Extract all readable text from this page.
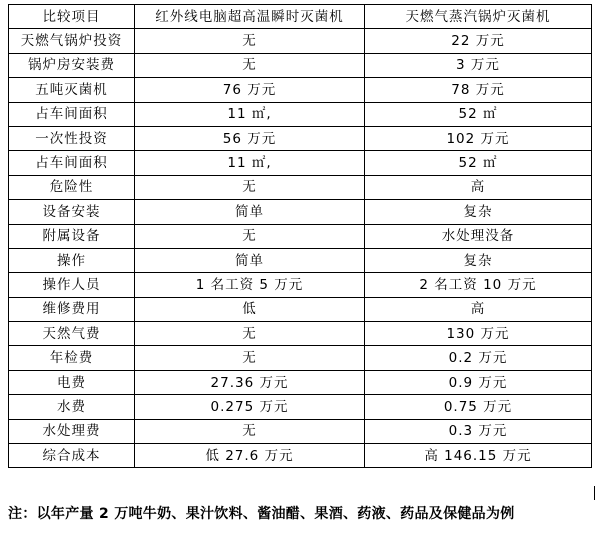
比较项目	红外线电脑超高温瞬时灭菌机	天燃气蒸汽锅炉灭菌机
天燃气锅炉投资	无	22 万元
锅炉房安装费	无	3 万元
五吨灭菌机	76 万元	78 万元
占车间面积	11 ㎡,	52 ㎡
一次性投资	56 万元	102 万元
占车间面积	11 ㎡,	52 ㎡
危险性	无	高
设备安装	简单	复杂
附属设备	无	水处理没备
操作	简单	复杂
操作人员	1 名工资 5 万元	2 名工资 10 万元
维修费用	低	高
天然气费	无	130 万元
年检费	无	0.2 万元
电费	27.36 万元	0.9 万元
水费	0.275 万元	0.75 万元
水处理费	无	0.3 万元
综合成本	低 27.6 万元	高 146.15 万元
注：以年产量 2 万吨牛奶、果汁饮料、酱油醋、果酒、药液、药品及保健品为例
